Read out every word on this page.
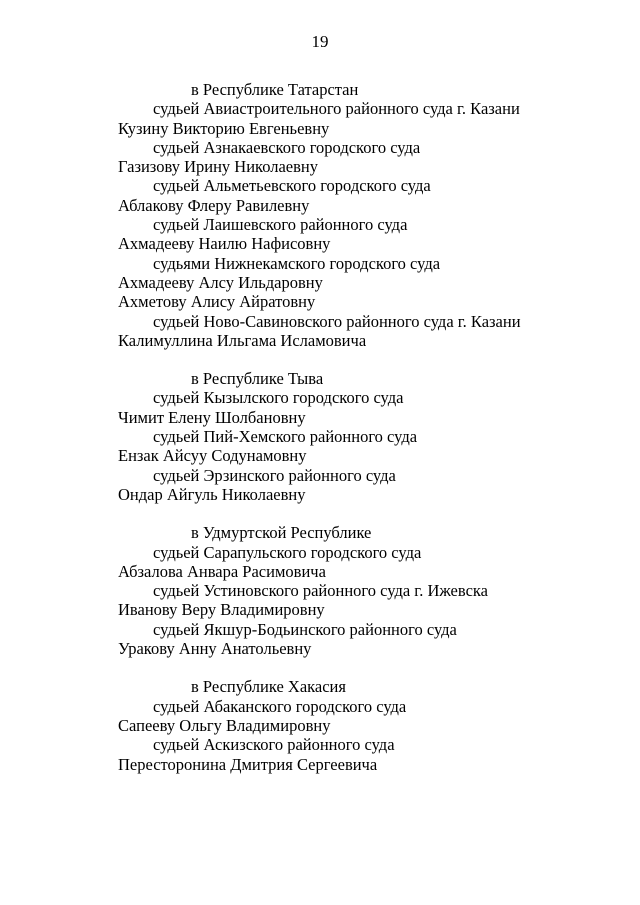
19
в Республике Татарстан
судьей Авиастроительного районного суда г. Казани
Кузину Викторию Евгеньевну
судьей Азнакаевского городского суда
Газизову Ирину Николаевну
судьей Альметьевского городского суда
Аблакову Флеру Равилевну
судьей Лаишевского районного суда
Ахмадееву Наилю Нафисовну
судьями Нижнекамского городского суда
Ахмадееву Алсу Ильдаровну
Ахметову Алису Айратовну
судьей Ново-Савиновского районного суда г. Казани
Калимуллина Ильгама Исламовича
в Республике Тыва
судьей Кызылского городского суда
Чимит Елену Шолбановну
судьей Пий-Хемского районного суда
Ензак Айсуу Содунамовну
судьей Эрзинского районного суда
Ондар Айгуль Николаевну
в Удмуртской Республике
судьей Сарапульского городского суда
Абзалова Анвара Расимовича
судьей Устиновского районного суда г. Ижевска
Иванову Веру Владимировну
судьей Якшур-Бодьинского районного суда
Уракову Анну Анатольевну
в Республике Хакасия
судьей Абаканского городского суда
Сапееву Ольгу Владимировну
судьей Аскизского районного суда
Пересторонина Дмитрия Сергеевича
